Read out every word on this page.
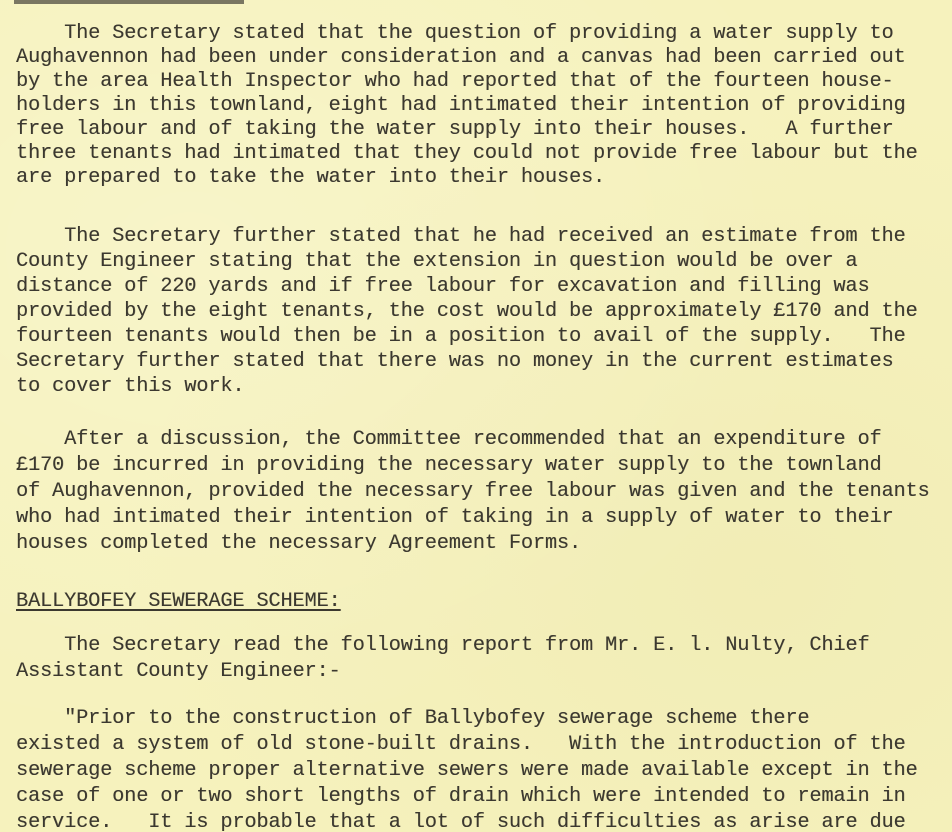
The Secretary stated that the question of providing a water supply to
Aughavennon had been under consideration and a canvas had been carried out
by the area Health Inspector who had reported that of the fourteen house-
holders in this townland, eight had intimated their intention of providing
free labour and of taking the water supply into their houses.   A further
three tenants had intimated that they could not provide free labour but the
are prepared to take the water into their houses.
The Secretary further stated that he had received an estimate from the
County Engineer stating that the extension in question would be over a
distance of 220 yards and if free labour for excavation and filling was
provided by the eight tenants, the cost would be approximately £170 and the
fourteen tenants would then be in a position to avail of the supply.   The
Secretary further stated that there was no money in the current estimates
to cover this work.
After a discussion, the Committee recommended that an expenditure of
£170 be incurred in providing the necessary water supply to the townland
of Aughavennon, provided the necessary free labour was given and the tenants
who had intimated their intention of taking in a supply of water to their
houses completed the necessary Agreement Forms.
BALLYBOFEY SEWERAGE SCHEME:
The Secretary read the following report from Mr. E. l. Nulty, Chief
Assistant County Engineer:-
"Prior to the construction of Ballybofey sewerage scheme there
existed a system of old stone-built drains.   With the introduction of the
sewerage scheme proper alternative sewers were made available except in the
case of one or two short lengths of drain which were intended to remain in
service.   It is probable that a lot of such difficulties as arise are due
